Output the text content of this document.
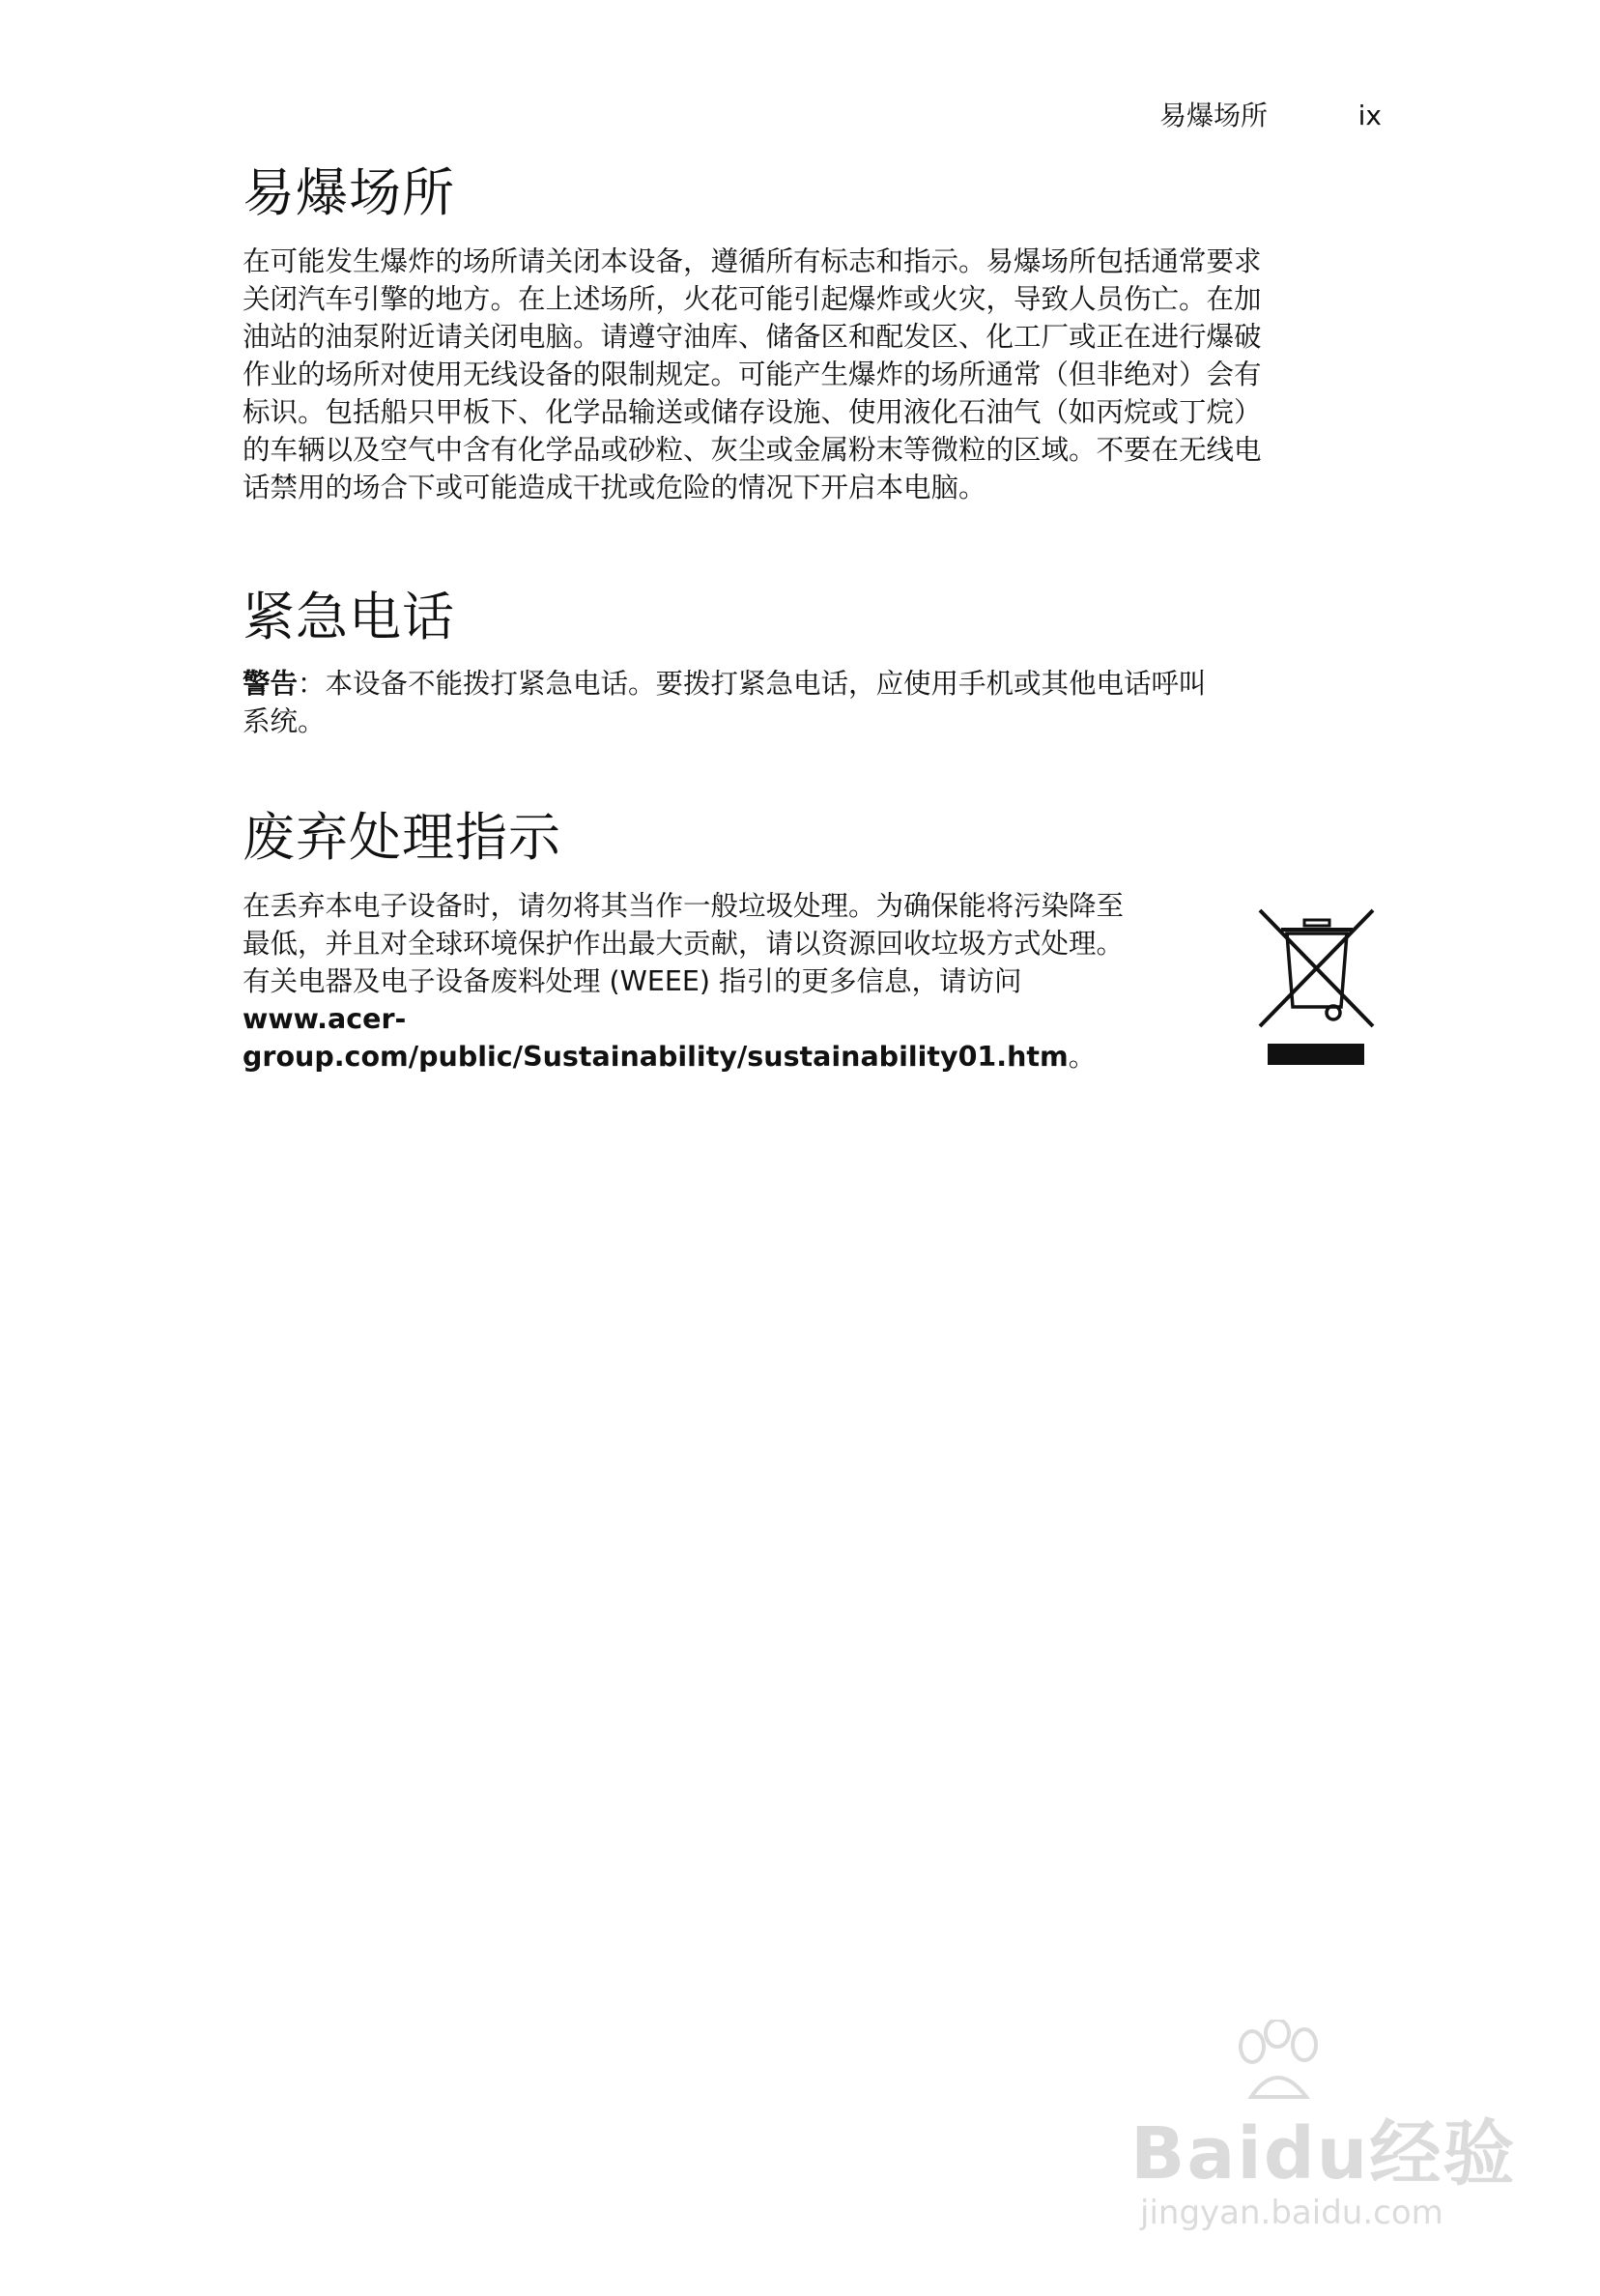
易爆场所	ix
易爆场所
在可能发生爆炸的场所请关闭本设备，遵循所有标志和指示。易爆场所包括通常要求
关闭汽车引擎的地方。在上述场所，火花可能引起爆炸或火灾，导致人员伤亡。在加
油站的油泵附近请关闭电脑。请遵守油库、储备区和配发区、化工厂或正在进行爆破
作业的场所对使用无线设备的限制规定。可能产生爆炸的场所通常（但非绝对）会有
标识。包括船只甲板下、化学品输送或储存设施、使用液化石油气（如丙烷或丁烷）
的车辆以及空气中含有化学品或砂粒、灰尘或金属粉末等微粒的区域。不要在无线电
话禁用的场合下或可能造成干扰或危险的情况下开启本电脑。
紧急电话
警告：本设备不能拨打紧急电话。要拨打紧急电话，应使用手机或其他电话呼叫
系统。
废弃处理指示
在丢弃本电子设备时，请勿将其当作一般垃圾处理。为确保能将污染降至
最低，并且对全球环境保护作出最大贡献，请以资源回收垃圾方式处理。
有关电器及电子设备废料处理 (WEEE) 指引的更多信息，请访问
www.acer-group.com/public/Sustainability/sustainability01.htm。
Baidu经验
jingyan.baidu.com
